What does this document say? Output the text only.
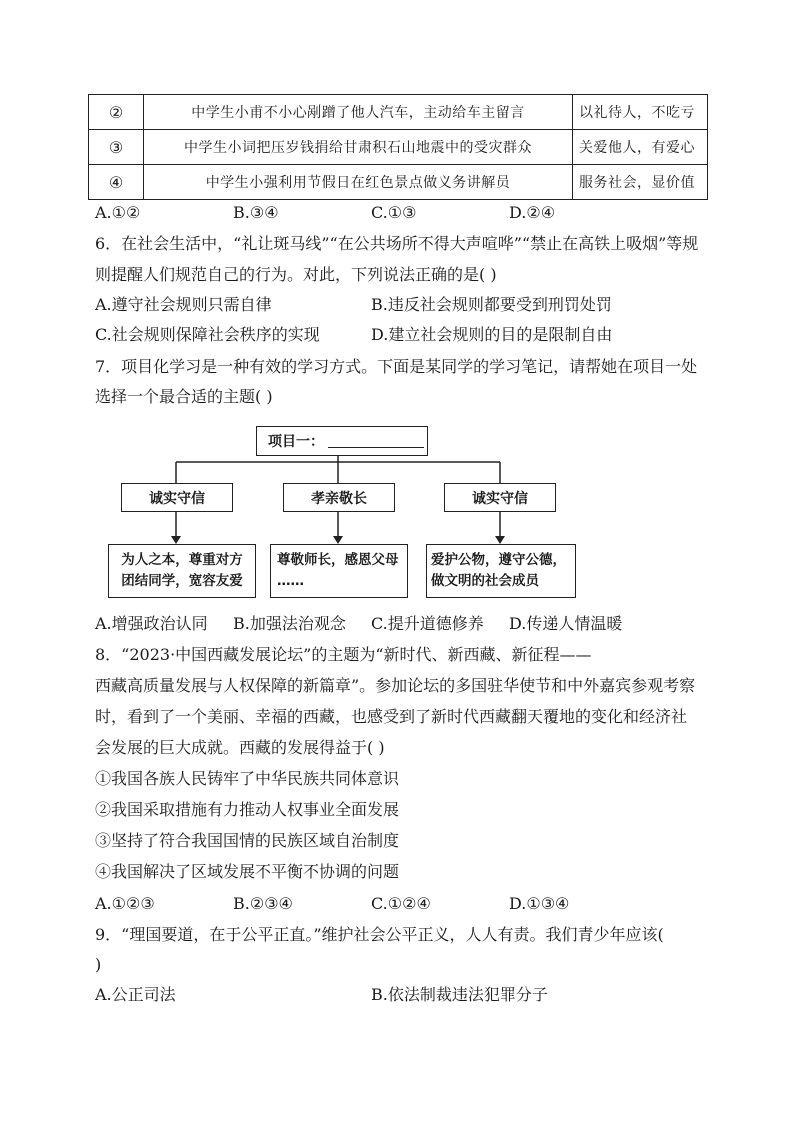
②	中学生小甫不小心剐蹭了他人汽车，主动给车主留言	以礼待人，不吃亏
③	中学生小词把压岁钱捐给甘肃积石山地震中的受灾群众	关爱他人，有爱心
④	中学生小强利用节假日在红色景点做义务讲解员	服务社会，显价值
A.①②	B.③④	C.①③	D.②④
6．在社会生活中，“礼让斑马线”“在公共场所不得大声喧哗”“禁止在高铁上吸烟”等规
则提醒人们规范自己的行为。对此，下列说法正确的是( )
A.遵守社会规则只需自律	B.违反社会规则都要受到刑罚处罚
C.社会规则保障社会秩序的实现	D.建立社会规则的目的是限制自由
7．项目化学习是一种有效的学习方式。下面是某同学的学习笔记，请帮她在项目一处
选择一个最合适的主题( )
项目一：
诚实守信	孝亲敬长	诚实守信
为人之本，尊重对方
团结同学，宽容友爱
尊敬师长，感恩父母
……
爱护公物，遵守公德，
做文明的社会成员
A.增强政治认同 B.加强法治观念 C.提升道德修养 D.传递人情温暖
8．“2023·中国西藏发展论坛”的主题为“新时代、新西藏、新征程——
西藏高质量发展与人权保障的新篇章”。参加论坛的多国驻华使节和中外嘉宾参观考察
时，看到了一个美丽、幸福的西藏，也感受到了新时代西藏翻天覆地的变化和经济社
会发展的巨大成就。西藏的发展得益于( )
①我国各族人民铸牢了中华民族共同体意识
②我国采取措施有力推动人权事业全面发展
③坚持了符合我国国情的民族区域自治制度
④我国解决了区域发展不平衡不协调的问题
A.①②③	B.②③④	C.①②④	D.①③④
9．“理国要道，在于公平正直。”维护社会公平正义，人人有责。我们青少年应该(
)
A.公正司法	B.依法制裁违法犯罪分子
